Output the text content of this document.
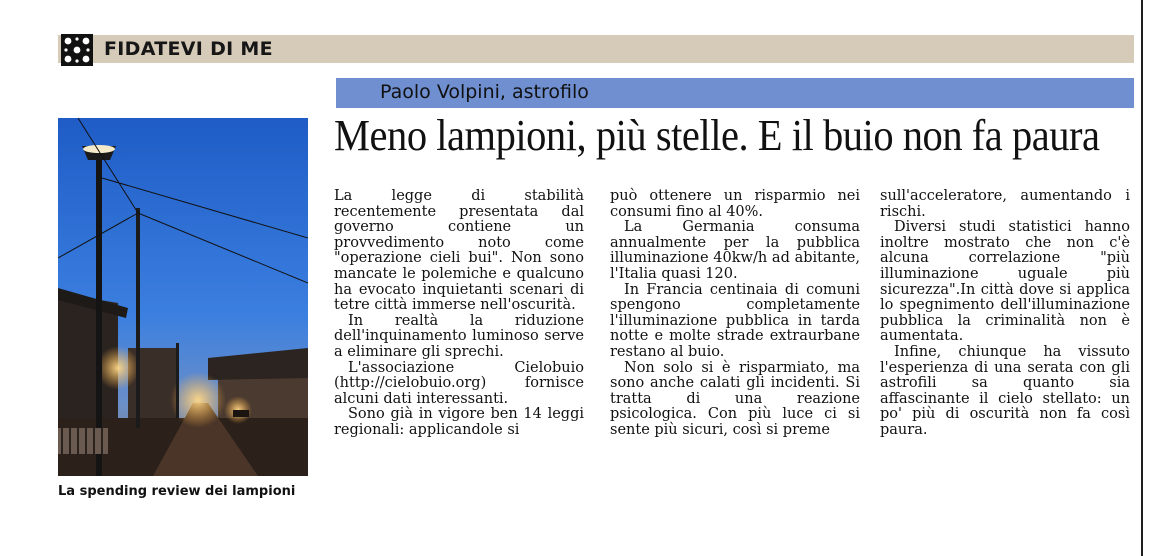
FIDATEVI DI ME
Paolo Volpini, astrofilo
Meno lampioni, più stelle. E il buio non fa paura
La spending review dei lampioni

La legge di stabilità recentemente presentata dal governo contiene un provvedimento noto come "operazione cieli bui". Non sono mancate le polemiche e qualcuno ha evocato inquietanti scenari di tetre città immerse nell'oscurità.

In realtà la riduzione dell'inquinamento luminoso serve a eliminare gli sprechi.

L'associazione Cielobuio (http://cielobuio.org) fornisce alcuni dati interessanti.

Sono già in vigore ben 14 leggi regionali: applicandole si

può ottenere un risparmio nei consumi fino al 40%.

La Germania consuma annualmente per la pubblica illuminazione 40kw/h ad abitante, l'Italia quasi 120.

In Francia centinaia di comuni spengono completamente l'illuminazione pubblica in tarda notte e molte strade extraurbane restano al buio.

Non solo si è risparmiato, ma sono anche calati gli incidenti. Si tratta di una reazione psicologica. Con più luce ci si sente più sicuri, così si preme

sull'acceleratore, aumentando i rischi.

Diversi studi statistici hanno inoltre mostrato che non c'è alcuna correlazione "più illuminazione uguale più sicurezza".In città dove si applica lo spegnimento dell'illuminazione pubblica la criminalità non è aumentata.

Infine, chiunque ha vissuto l'esperienza di una serata con gli astrofili sa quanto sia affascinante il cielo stellato: un po' più di oscurità non fa così paura.
